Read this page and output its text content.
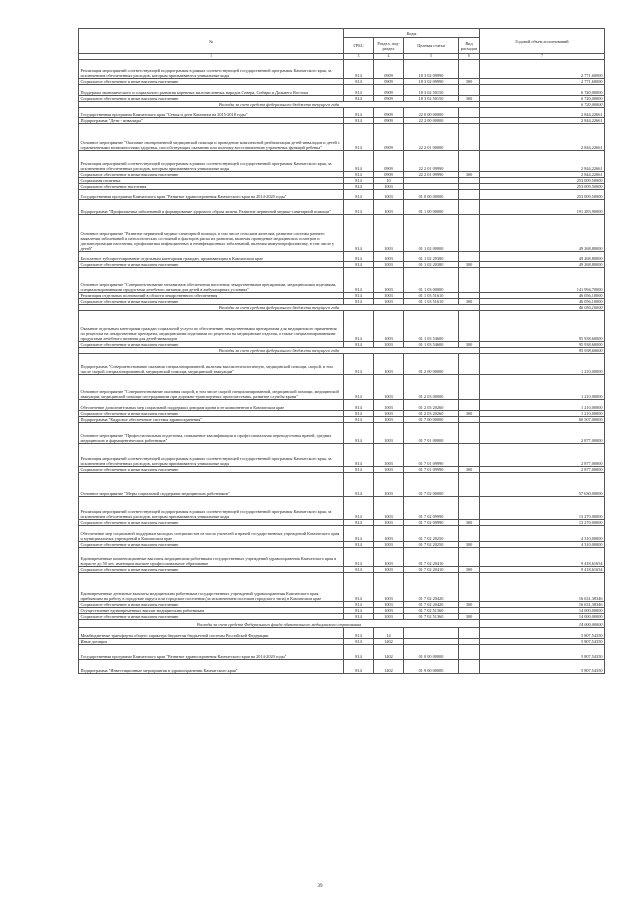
№	Коды				Годовой объем ассигнований
	ГРБС	Раздел, под-раздел	Целевая статья	Вид расходов	
1	3	4	5	6	7
Реализация мероприятий соответствующей подпрограммы в рамках соответствующей государственной программы Камчатского края, за исключением обеспеченных расходов, которым присваиваются уникальные коды	814	0909	18 3 02 09990		2 771,60000
Социальное обеспечение и иные выплаты населению	814	0909	18 3 02 09990	300	2 771,60000
Поддержка экономического и социального развития коренных малочисленных народов Севера, Сибири и Дальнего Востока	814	0909	18 3 02 50150		6 720,00000
Социальное обеспечение и иные выплаты населению	814	0909	18 3 02 50150	300	6 720,00000
Расходы за счет средств федерального бюджета текущего года					6 720,00000
Государственная программа Камчатского края "Семья и дети Камчатки на 2015-2018 годы"	814	0909	22 0 00 00000		2 844,22661
Подпрограмма "Дети - инвалиды"	814	0909	22 2 00 00000		2 844,22661
Основное мероприятие "Оказание своевременной медицинской помощи и проведение комплексной реабилитации детей-инвалидов и детей с ограниченными возможностями здоровья, способствующих оказанию или полному восстановлению утраченных функций ребенка"	814	0909	22 2 01 00000		2 844,22661
Реализация мероприятий соответствующей подпрограммы в рамках соответствующей государственной программы Камчатского края, за исключением обеспеченных расходов, которым присваиваются уникальные коды	814	0909	22 2 01 09990		2 844,22661
Социальное обеспечение и иные выплаты населению	814	0909	22 2 01 09990	300	2 844,22661
Социальная политика	814	10			253 009,50000
Социальное обеспечение населения	814	1003			253 009,50000
Государственная программа Камчатского края "Развитие здравоохранения Камчатского края на 2014-2020 годы"	814	1003	01 0 00 00000		253 009,50000
Подпрограмма "Профилактика заболеваний и формирование здорового образа жизни. Развитие первичной медико-санитарной помощи"	814	1003	01 1 00 00000		191 283,90000
Основное мероприятие "Развитие первичной медико-санитарной помощи, в том числе сельским жителям, развитие системы раннего выявления заболеваний и патологических состояний и факторов риска их развития, включая проведение медицинских осмотров и диспансеризации населения, профилактика инфекционных и неинфекционных заболеваний, включая иммунопрофилактику, в том числе у детей"	814	1003	01 1 02 00000		49 268,80000
Бесплатное зубопротезирование отдельным категориям граждан, проживающим в Камчатском крае	814	1003	01 1 02 20380		49 268,80000
Социальное обеспечение и иные выплаты населению	814	1003	01 1 02 20380	300	49 268,80000
Основное мероприятие "Совершенствование механизмов обеспечения населения лекарственными препаратами, медицинскими изделиями, специализированными продуктами лечебного питания для детей в амбулаторных условиях"	814	1003	01 1 03 00000		141 994,70000
Реализация отдельных полномочий в области лекарственного обеспечения	814	1003	01 1 03 51610		46 056,10000
Социальное обеспечение и иные выплаты населению	814	1003	01 1 03 51610	300	46 056,10000
Расходы за счет средств федерального бюджета текущего года					46 056,10000
Оказание отдельным категориям граждан социальной услуги по обеспечению лекарственными препаратами для медицинского применения по рецептам на лекарственные препараты, медицинскими изделиями по рецептам на медицинские изделия, а также специализированными продуктами лечебного питания для детей-инвалидов	814	1003	01 1 03 54600		95 938,60000
Социальное обеспечение и иные выплаты населению	814	1003	01 1 03 54600	300	95 938,60000
Расходы за счет средств федерального бюджета текущего года					95 938,60000
Подпрограмма "Совершенствование оказания специализированной, включая высокотехнологичную, медицинской помощи, скорой, в том числе скорой специализированной, медицинской помощи, медицинской эвакуации"	814	1003	01 2 00 00000		1 210,00000
Основное мероприятие "Совершенствование оказания скорой, в том числе скорой специализированной, медицинской помощи, медицинской эвакуации, медицинской помощи пострадавшим при дорожно-транспортных происшествиях, развитие службы крови"	814	1003	01 2 03 00000		1 210,00000
Обеспечение дополнительных мер социальной поддержки донорам крови и ее компонентов в Камчатском крае	814	1003	01 2 03 20260		1 210,00000
Социальное обеспечение и иные выплаты населению	814	1003	01 2 03 20260	300	1 210,00000
Подпрограмма "Кадровое обеспечение системы здравоохранения"	814	1003	01 7 00 00000		60 507,00000
Основное мероприятие "Профессиональная подготовка, повышение квалификации и профессиональная переподготовка врачей, средних медицинских и фармацевтических работников"	814	1003	01 7 01 00000		2 877,00000
Реализация мероприятий соответствующей подпрограммы в рамках соответствующей государственной программы Камчатского края, за исключением обеспеченных расходов, которым присваиваются уникальные коды	814	1003	01 7 01 09990		2 877,00000
Социальное обеспечение и иные выплаты населению	814	1003	01 7 01 09990	300	2 877,00000
Основное мероприятие "Меры социальной поддержки медицинских работников"	814	1003	01 7 02 00000		57 630,00000
Реализация мероприятий соответствующей подпрограммы в рамках соответствующей государственной программы Камчатского края, за исключением обеспеченных расходов, которым присваиваются уникальные коды	814	1003	01 7 02 09990		13 270,00000
Социальное обеспечение и иные выплаты населению	814	1003	01 7 02 09990	300	13 270,00000
Обеспечение мер социальной поддержки молодых специалистов из числа учителей и врачей государственных учреждений Камчатского края и муниципальных учреждений в Камчатском крае	814	1003	01 7 02 20250		4 310,00000
Социальное обеспечение и иные выплаты населению	814	1003	01 7 02 20250	300	4 310,00000
Единовременные компенсационные выплаты медицинским работникам государственных учреждений здравоохранения Камчатского края в возрасте до 50 лет, имеющим высшее профессиональное образование	814	1003	01 7 02 20410		9 418,61654
Социальное обеспечение и иные выплаты населению	814	1003	01 7 02 20410	300	9 418,61654
Единовременные денежные выплаты медицинским работникам государственных учреждений здравоохранения Камчатского края, прибывшим на работу в городские округа или городские поселения (за исключением поселков городского типа) в Камчатском крае	814	1003	01 7 02 20420		16 631,38346
Социальное обеспечение и иные выплаты населению	814	1003	01 7 02 20420	300	16 631,38346
Осуществление единовременных выплат медицинским работникам	814	1003	01 7 02 51360		14 000,00000
Социальное обеспечение и иные выплаты населению	814	1003	01 7 02 51360	300	14 000,00000
Расходы за счет средств Федерального фонда обязательного медицинского страхования					14 000,00000
Межбюджетные трансферты общего характера бюджетам бюджетной системы Российской Федерации	814	14			5 807,54350
Иные дотации	814	1402			5 807,54350
Государственная программа Камчатского края "Развитие здравоохранения Камчатского края на 2014-2020 годы"	814	1402	01 0 00 00000		5 807,54350
Подпрограмма "Инвестиционные мероприятия в здравоохранении Камчатского края"	814	1402	01 9 00 00000		5 807,54350
39
